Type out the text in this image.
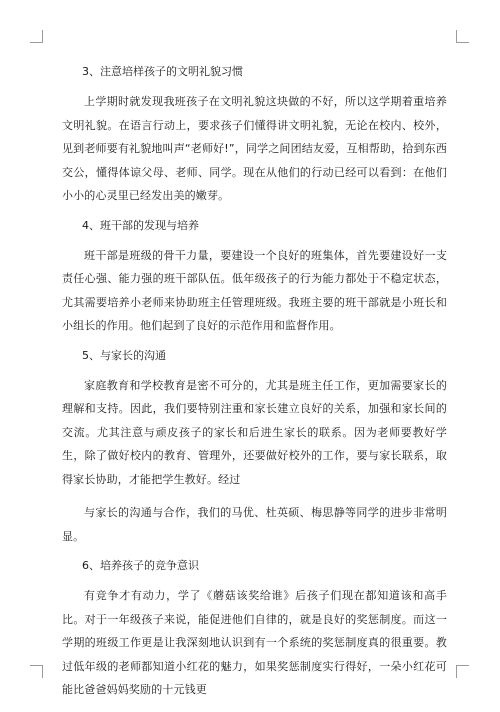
3、注意培样孩子的文明礼貌习惯

上学期时就发现我班孩子在文明礼貌这块做的不好，所以这学期着重培养文明礼貌。在语言行动上，要求孩子们懂得讲文明礼貌，无论在校内、校外，见到老师要有礼貌地叫声“老师好!”，同学之间团结友爱，互相帮助，拾到东西交公，懂得体谅父母、老师、同学。现在从他们的行动已经可以看到：在他们小小的心灵里已经发出美的嫩芽。

4、班干部的发现与培养

班干部是班级的骨干力量，要建设一个良好的班集体，首先要建设好一支责任心强、能力强的班干部队伍。低年级孩子的行为能力都处于不稳定状态，尤其需要培养小老师来协助班主任管理班级。我班主要的班干部就是小班长和小组长的作用。他们起到了良好的示范作用和监督作用。

5、与家长的沟通

家庭教育和学校教育是密不可分的，尤其是班主任工作，更加需要家长的理解和支持。因此，我们要特别注重和家长建立良好的关系，加强和家长间的交流。尤其注意与顽皮孩子的家长和后进生家长的联系。因为老师要教好学生，除了做好校内的教育、管理外，还要做好校外的工作，要与家长联系，取得家长协助，才能把学生教好。经过

与家长的沟通与合作，我们的马优、杜英硕、梅思静等同学的进步非常明显。

6、培养孩子的竞争意识

有竞争才有动力，学了《蘑菇该奖给谁》后孩子们现在都知道该和高手比。对于一年级孩子来说，能促进他们自律的，就是良好的奖惩制度。而这一学期的班级工作更是让我深刻地认识到有一个系统的奖惩制度真的很重要。教过低年级的老师都知道小红花的魅力，如果奖惩制度实行得好，一朵小红花可能比爸爸妈妈奖励的十元钱更
